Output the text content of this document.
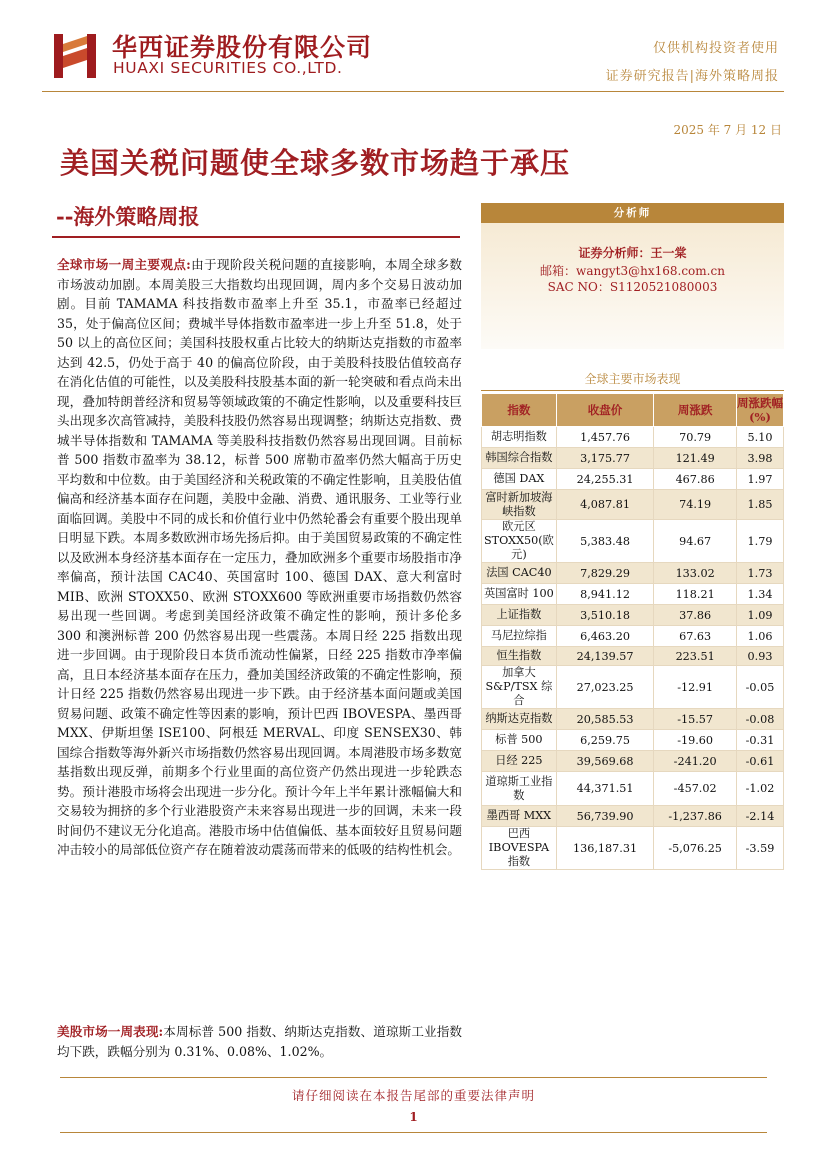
华西证券股份有限公司
HUAXI SECURITIES CO.,LTD.
仅供机构投资者使用
证券研究报告|海外策略周报
2025 年 7 月 12 日
美国关税问题使全球多数市场趋于承压
--海外策略周报
全球市场一周主要观点:由于现阶段关税问题的直接影响，本周全球多数市场波动加剧。本周美股三大指数均出现回调，周内多个交易日波动加剧。目前 TAMAMA 科技指数市盈率上升至 35.1，市盈率已经超过 35，处于偏高位区间；费城半导体指数市盈率进一步上升至 51.8，处于 50 以上的高位区间；美国科技股权重占比较大的纳斯达克指数的市盈率达到 42.5，仍处于高于 40 的偏高位阶段，由于美股科技股估值较高存在消化估值的可能性，以及美股科技股基本面的新一轮突破和看点尚未出现，叠加特朗普经济和贸易等领域政策的不确定性影响，以及重要科技巨头出现多次高管减持，美股科技股仍然容易出现调整；纳斯达克指数、费城半导体指数和 TAMAMA 等美股科技指数仍然容易出现回调。目前标普 500 指数市盈率为 38.12，标普 500 席勒市盈率仍然大幅高于历史平均数和中位数。由于美国经济和关税政策的不确定性影响，且美股估值偏高和经济基本面存在问题，美股中金融、消费、通讯服务、工业等行业面临回调。美股中不同的成长和价值行业中仍然轮番会有重要个股出现单日明显下跌。本周多数欧洲市场先扬后抑。由于美国贸易政策的不确定性以及欧洲本身经济基本面存在一定压力，叠加欧洲多个重要市场股指市净率偏高，预计法国 CAC40、英国富时 100、德国 DAX、意大利富时 MIB、欧洲 STOXX50、欧洲 STOXX600 等欧洲重要市场指数仍然容易出现一些回调。考虑到美国经济政策不确定性的影响，预计多伦多 300 和澳洲标普 200 仍然容易出现一些震荡。本周日经 225 指数出现进一步回调。由于现阶段日本货币流动性偏紧，日经 225 指数市净率偏高，且日本经济基本面存在压力，叠加美国经济政策的不确定性影响，预计日经 225 指数仍然容易出现进一步下跌。由于经济基本面问题或美国贸易问题、政策不确定性等因素的影响，预计巴西 IBOVESPA、墨西哥 MXX、伊斯坦堡 ISE100、阿根廷 MERVAL、印度 SENSEX30、韩国综合指数等海外新兴市场指数仍然容易出现回调。本周港股市场多数宽基指数出现反弹，前期多个行业里面的高位资产仍然出现进一步轮跌态势。预计港股市场将会出现进一步分化。预计今年上半年累计涨幅偏大和交易较为拥挤的多个行业港股资产未来容易出现进一步的回调，未来一段时间仍不建议无分化追高。港股市场中估值偏低、基本面较好且贸易问题冲击较小的局部低位资产存在随着波动震荡而带来的低吸的结构性机会。
美股市场一周表现:本周标普 500 指数、纳斯达克指数、道琼斯工业指数均下跌，跌幅分别为 0.31%、0.08%、1.02%。
分析师
证券分析师：王一棠
邮箱：wangyt3@hx168.com.cn
SAC NO：S1120521080003
全球主要市场表现
指数	收盘价	周涨跌	周涨跌幅(%)
胡志明指数	1,457.76	70.79	5.10
韩国综合指数	3,175.77	121.49	3.98
德国 DAX	24,255.31	467.86	1.97
富时新加坡海峡指数	4,087.81	74.19	1.85
欧元区 STOXX50(欧元)	5,383.48	94.67	1.79
法国 CAC40	7,829.29	133.02	1.73
英国富时 100	8,941.12	118.21	1.34
上证指数	3,510.18	37.86	1.09
马尼拉综指	6,463.20	67.63	1.06
恒生指数	24,139.57	223.51	0.93
加拿大 S&P/TSX 综合	27,023.25	-12.91	-0.05
纳斯达克指数	20,585.53	-15.57	-0.08
标普 500	6,259.75	-19.60	-0.31
日经 225	39,569.68	-241.20	-0.61
道琼斯工业指数	44,371.51	-457.02	-1.02
墨西哥 MXX	56,739.90	-1,237.86	-2.14
巴西 IBOVESPA 指数	136,187.31	-5,076.25	-3.59
请仔细阅读在本报告尾部的重要法律声明
1
